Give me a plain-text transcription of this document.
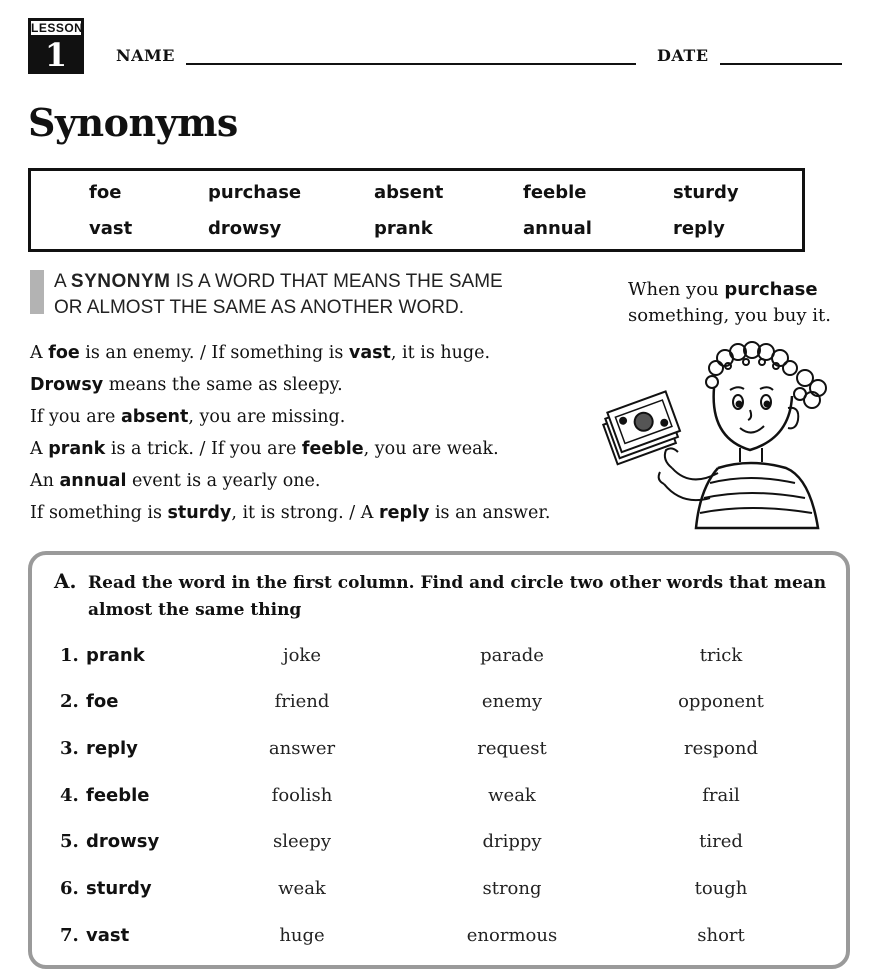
LESSON
1	NAME	DATE
Synonyms
foe	purchase	absent	feeble	sturdy
vast	drowsy	prank	annual	reply
A SYNONYM IS A WORD THAT MEANS THE SAME
OR ALMOST THE SAME AS ANOTHER WORD.
When you purchase
something, you buy it.
A foe is an enemy. / If something is vast, it is huge.
Drowsy means the same as sleepy.
If you are absent, you are missing.
A prank is a trick. / If you are feeble, you are weak.
An annual event is a yearly one.
If something is sturdy, it is strong. / A reply is an answer.
A. Read the word in the first column. Find and circle two other words that mean almost the same thing
1. prank	joke	parade	trick
2. foe	friend	enemy	opponent
3. reply	answer	request	respond
4. feeble	foolish	weak	frail
5. drowsy	sleepy	drippy	tired
6. sturdy	weak	strong	tough
7. vast	huge	enormous	short
